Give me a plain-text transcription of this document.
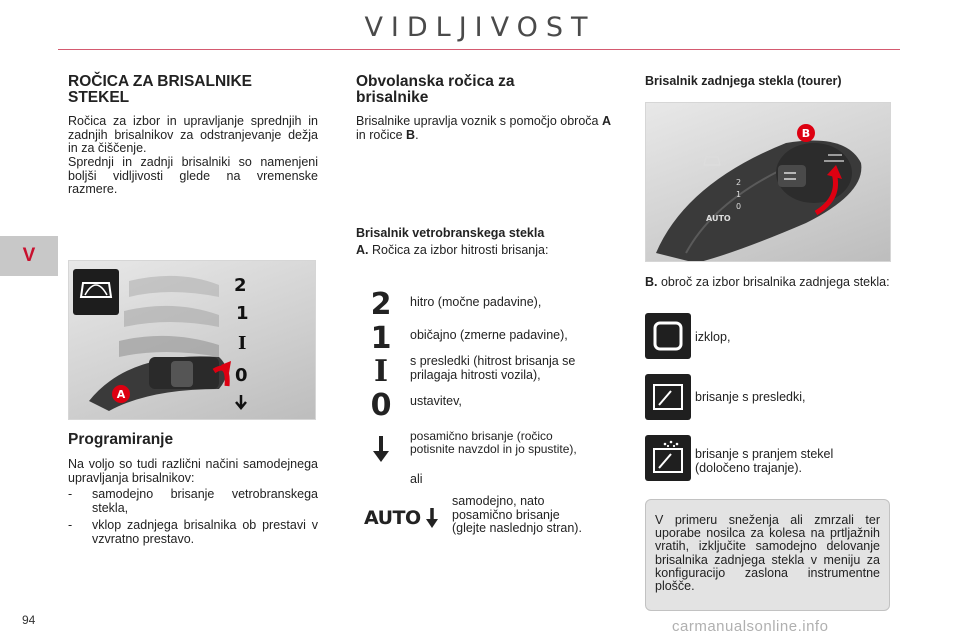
VIDLJIVOST
V
ROČICA ZA BRISALNIKE STEKEL

Ročica za izbor in upravljanje sprednjih in zadnjih brisalnikov za odstranjevanje dežja in za čiščenje.

Sprednji in zadnji brisalniki so namenjeni boljši vidljivosti glede na vremenske razmere.

A
2
1
I
0
Programiranje

Na voljo so tudi različni načini samodejnega upravljanja brisalnikov:

-	samodejno brisanje vetrobranskega stekla,
-	vklop zadnjega brisalnika ob prestavi v vzvratno prestavo.
Obvolanska ročica za brisalnike

Brisalnike upravlja voznik s pomočjo obroča A in ročice B.

Brisalnik vetrobranskega stekla

A. Ročica za izbor hitrosti brisanja:

2	hitro (močne padavine),

1	običajno (zmerne padavine),

I	s presledki (hitrost brisanja se prilagaja hitrosti vozila),

0	ustavitev,

posamično brisanje (ročico potisnite navzdol in jo spustite),

ali

AUTO

samodejno, nato posamično brisanje (glejte naslednjo stran).

Brisalnik zadnjega stekla (tourer)
B
2
1
0
AUTO

B. obroč za izbor brisalnika zadnjega stekla:

izklop,

brisanje s presledki,

brisanje s pranjem stekel (določeno trajanje).

V primeru sneženja ali zmrzali ter uporabe nosilca za kolesa na prtljažnih vratih, izključite samodejno delovanje brisalnika zadnjega stekla v meniju za konfiguracijo zaslona instrumentne plošče.

94	carmanualsonline.info
